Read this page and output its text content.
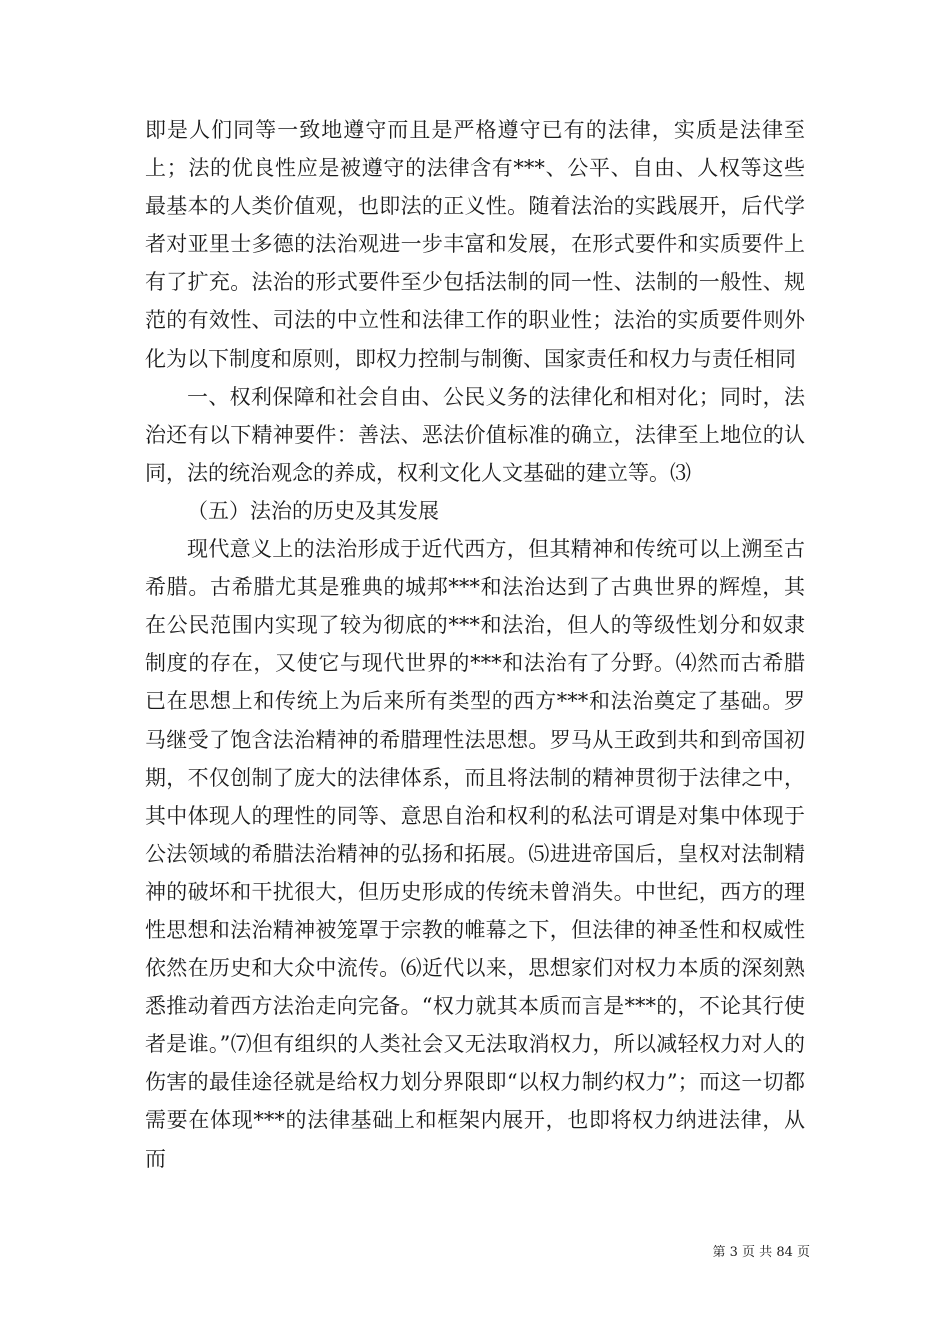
即是人们同等一致地遵守而且是严格遵守已有的法律，实质是法律至上；法的优良性应是被遵守的法律含有***、公平、自由、人权等这些最基本的人类价值观，也即法的正义性。随着法治的实践展开，后代学者对亚里士多德的法治观进一步丰富和发展，在形式要件和实质要件上有了扩充。法治的形式要件至少包括法制的同一性、法制的一般性、规范的有效性、司法的中立性和法律工作的职业性；法治的实质要件则外化为以下制度和原则，即权力控制与制衡、国家责任和权力与责任相同

一、权利保障和社会自由、公民义务的法律化和相对化；同时，法治还有以下精神要件：善法、恶法价值标准的确立，法律至上地位的认同，法的统治观念的养成，权利文化人文基础的建立等。⑶

（五）法治的历史及其发展

现代意义上的法治形成于近代西方，但其精神和传统可以上溯至古希腊。古希腊尤其是雅典的城邦***和法治达到了古典世界的辉煌，其在公民范围内实现了较为彻底的***和法治，但人的等级性划分和奴隶制度的存在，又使它与现代世界的***和法治有了分野。⑷然而古希腊已在思想上和传统上为后来所有类型的西方***和法治奠定了基础。罗马继受了饱含法治精神的希腊理性法思想。罗马从王政到共和到帝国初期，不仅创制了庞大的法律体系，而且将法制的精神贯彻于法律之中，其中体现人的理性的同等、意思自治和权利的私法可谓是对集中体现于公法领域的希腊法治精神的弘扬和拓展。⑸进进帝国后，皇权对法制精神的破坏和干扰很大，但历史形成的传统未曾消失。中世纪，西方的理性思想和法治精神被笼罩于宗教的帷幕之下，但法律的神圣性和权威性依然在历史和大众中流传。⑹近代以来，思想家们对权力本质的深刻熟悉推动着西方法治走向完备。“权力就其本质而言是***的，不论其行使者是谁。”⑺但有组织的人类社会又无法取消权力，所以减轻权力对人的伤害的最佳途径就是给权力划分界限即“以权力制约权力”；而这一切都需要在体现***的法律基础上和框架内展开，也即将权力纳进法律，从而

第 3 页 共 84 页
